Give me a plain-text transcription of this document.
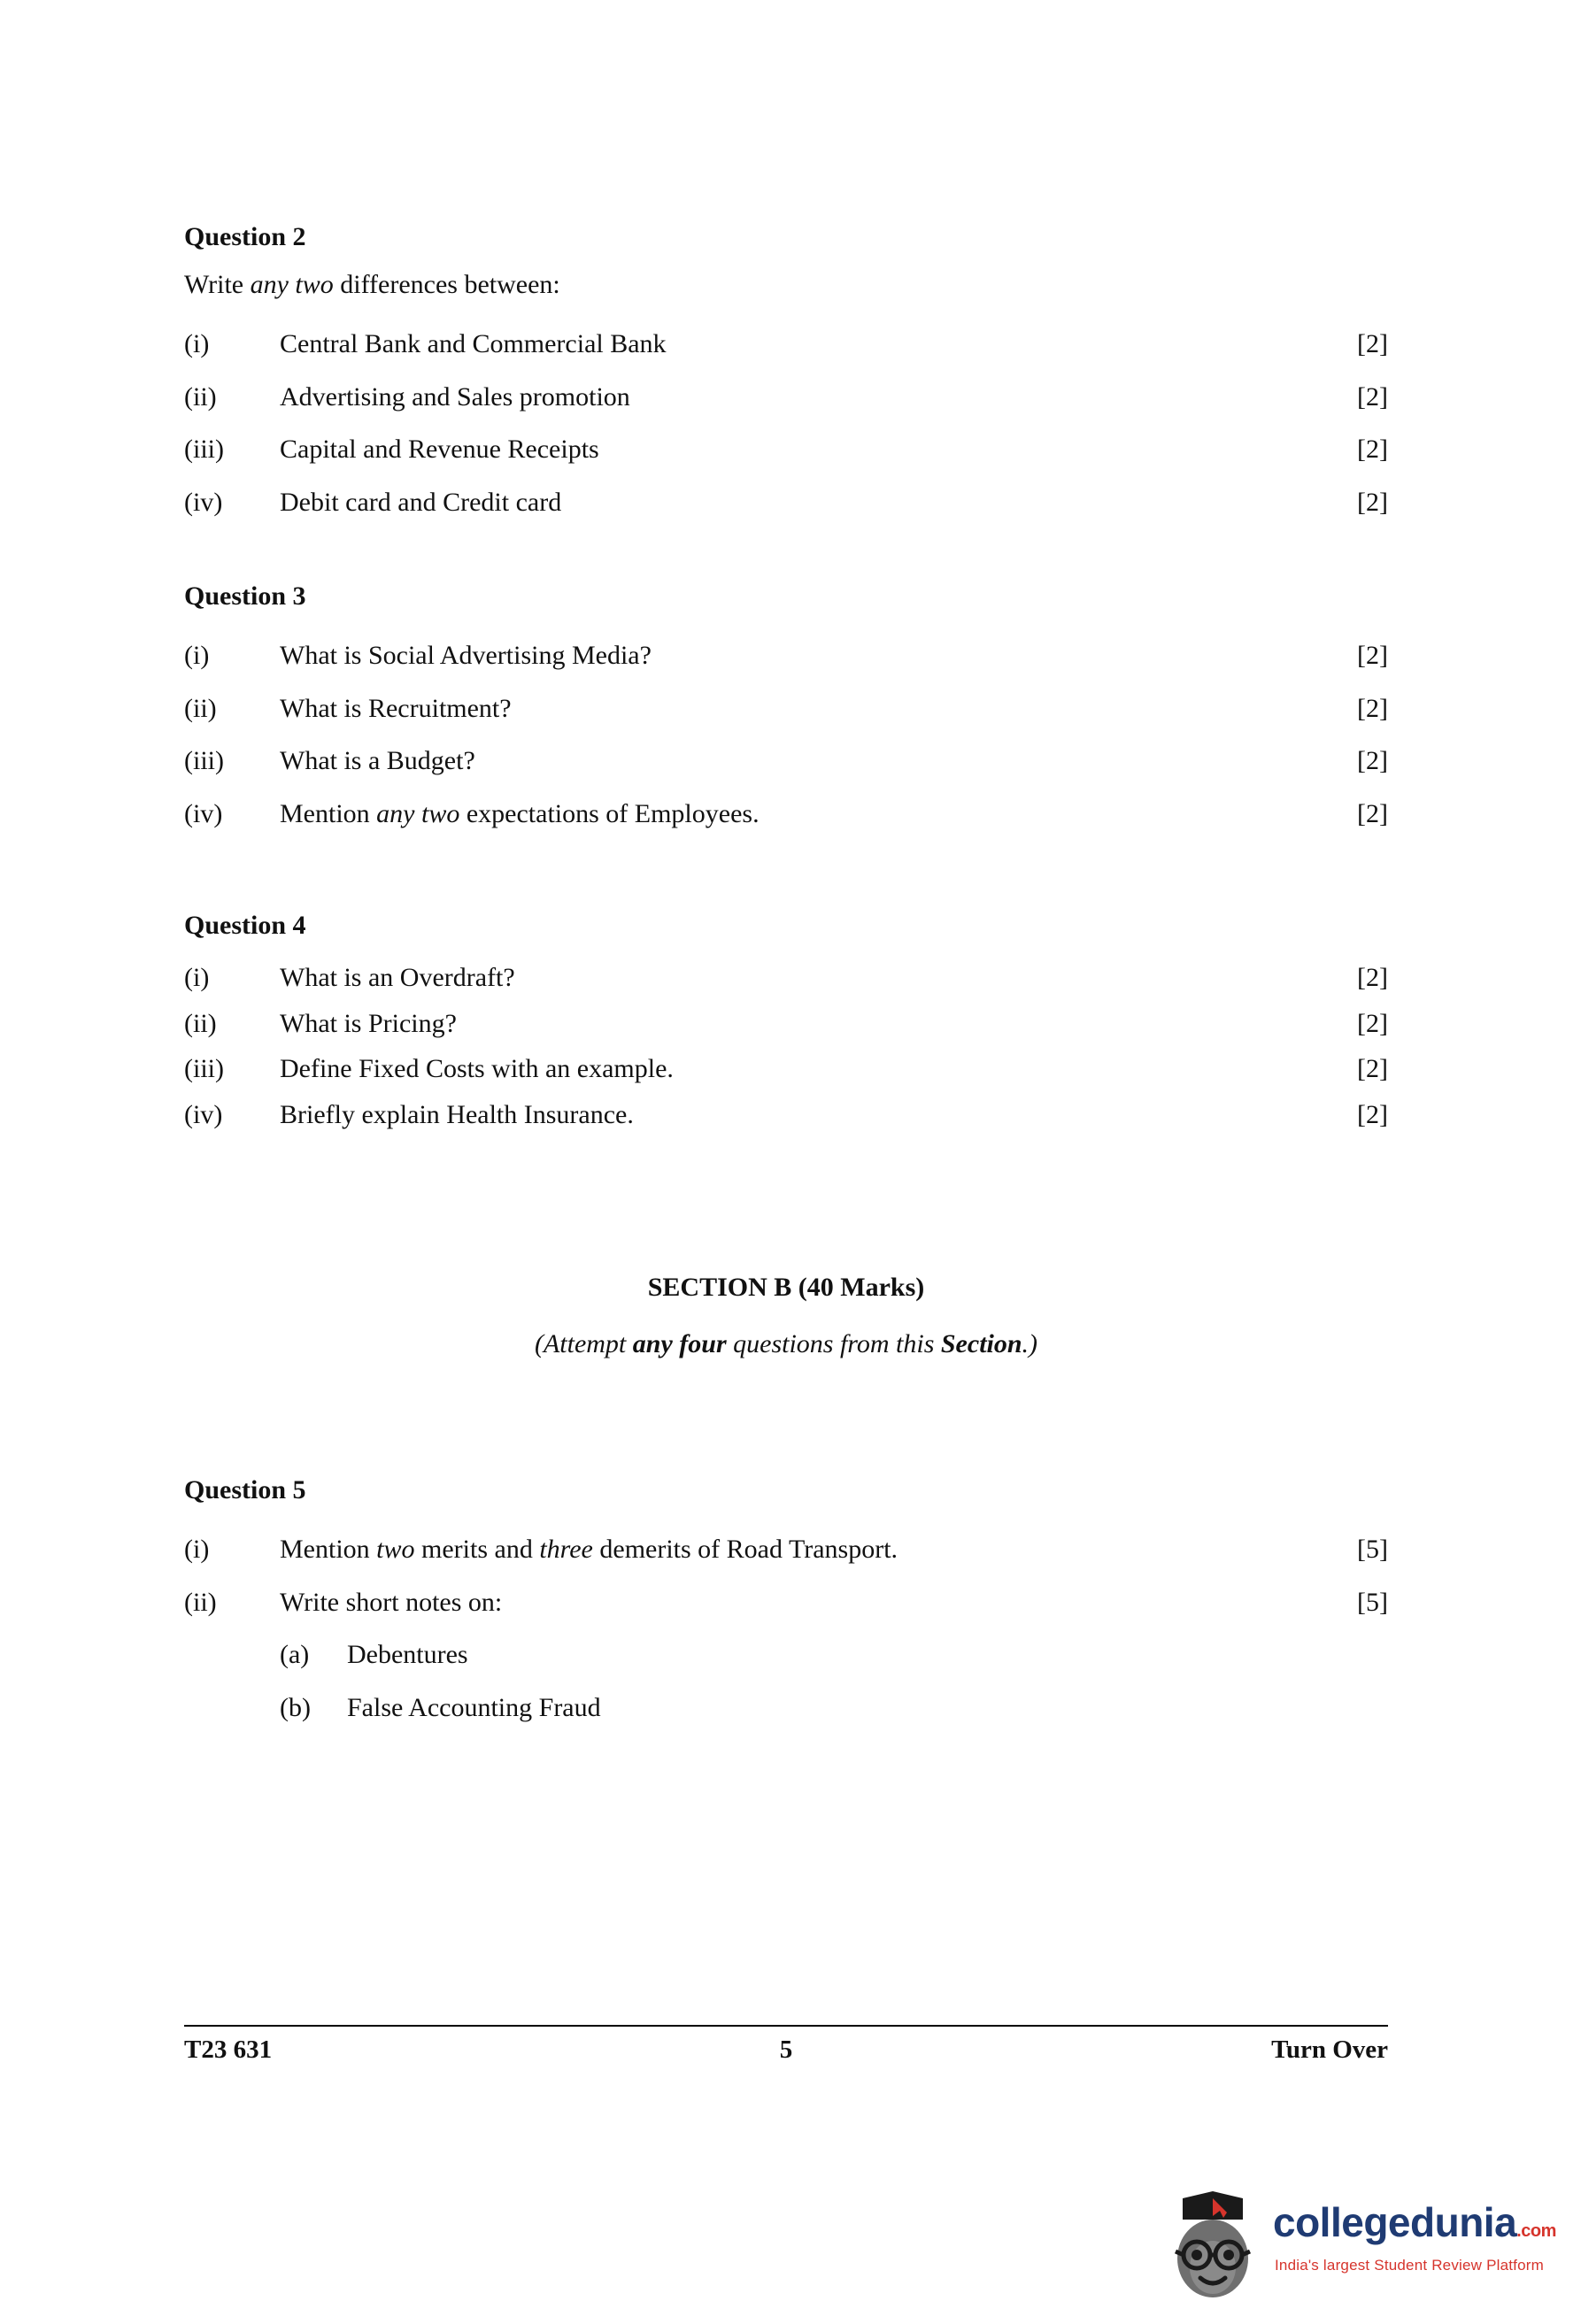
Question 2
Write any two differences between:
(i)	Central Bank and Commercial Bank	[2]
(ii)	Advertising and Sales promotion	[2]
(iii)	Capital and Revenue Receipts	[2]
(iv)	Debit card and Credit card	[2]
Question 3
(i)	What is Social Advertising Media?	[2]
(ii)	What is Recruitment?	[2]
(iii)	What is a Budget?	[2]
(iv)	Mention any two expectations of Employees.	[2]
Question 4
(i)	What is an Overdraft?	[2]
(ii)	What is Pricing?	[2]
(iii)	Define Fixed Costs with an example.	[2]
(iv)	Briefly explain Health Insurance.	[2]
SECTION B (40 Marks)
(Attempt any four questions from this Section.)
Question 5
(i)	Mention two merits and three demerits of Road Transport.	[5]
(ii)	Write short notes on:	[5]
(a)	Debentures
(b)	False Accounting Fraud
T23 631	5	Turn Over
collegedunia.com
India's largest Student Review Platform
